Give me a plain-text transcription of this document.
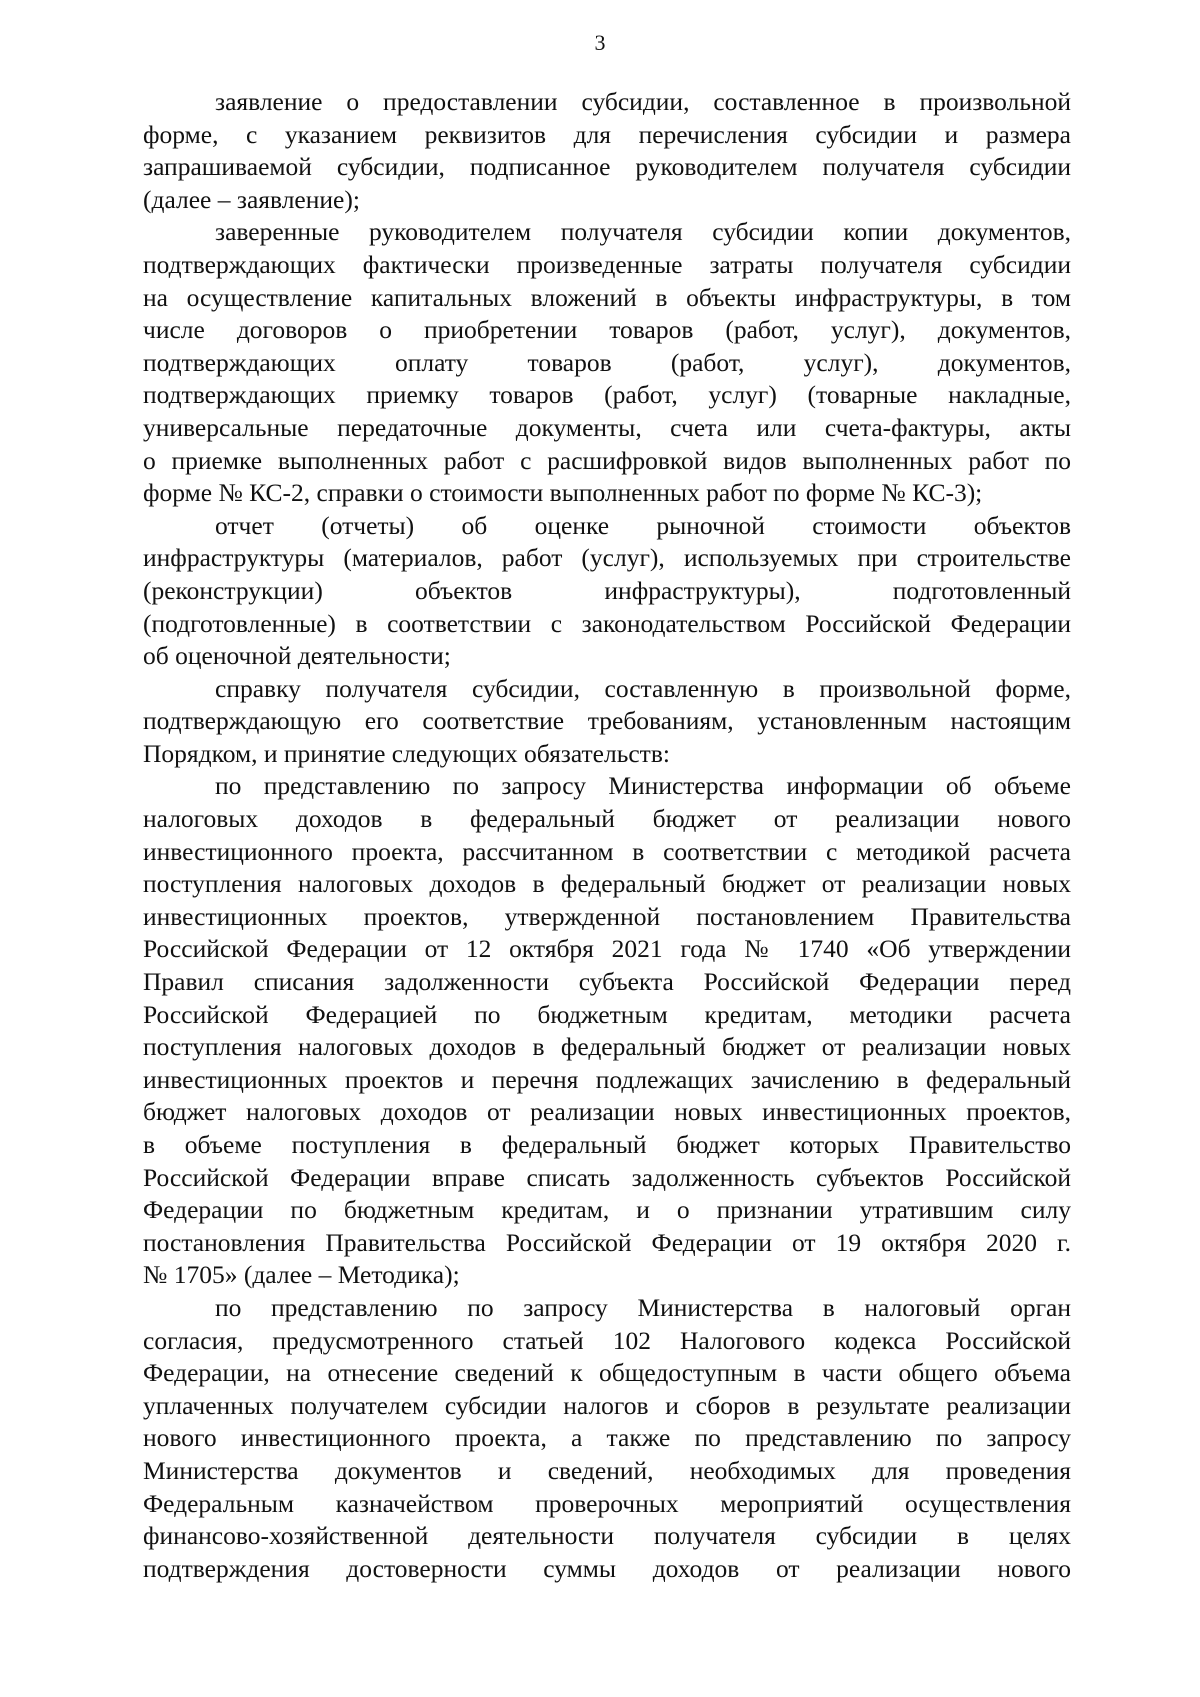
3
заявление о предоставлении субсидии, составленное в произвольной
форме, с указанием реквизитов для перечисления субсидии и размера
запрашиваемой субсидии, подписанное руководителем получателя субсидии
(далее – заявление);
заверенные руководителем получателя субсидии копии документов,
подтверждающих фактически произведенные затраты получателя субсидии
на осуществление капитальных вложений в объекты инфраструктуры, в том
числе договоров о приобретении товаров (работ, услуг), документов,
подтверждающих оплату товаров (работ, услуг), документов,
подтверждающих приемку товаров (работ, услуг) (товарные накладные,
универсальные передаточные документы, счета или счета-фактуры, акты
о приемке выполненных работ с расшифровкой видов выполненных работ по
форме № КС-2, справки о стоимости выполненных работ по форме № КС-3);
отчет (отчеты) об оценке рыночной стоимости объектов
инфраструктуры (материалов, работ (услуг), используемых при строительстве
(реконструкции) объектов инфраструктуры), подготовленный
(подготовленные) в соответствии с законодательством Российской Федерации
об оценочной деятельности;
справку получателя субсидии, составленную в произвольной форме,
подтверждающую его соответствие требованиям, установленным настоящим
Порядком, и принятие следующих обязательств:
по представлению по запросу Министерства информации об объеме
налоговых доходов в федеральный бюджет от реализации нового
инвестиционного проекта, рассчитанном в соответствии с методикой расчета
поступления налоговых доходов в федеральный бюджет от реализации новых
инвестиционных проектов, утвержденной постановлением Правительства
Российской Федерации от 12 октября 2021 года № 1740 «Об утверждении
Правил списания задолженности субъекта Российской Федерации перед
Российской Федерацией по бюджетным кредитам, методики расчета
поступления налоговых доходов в федеральный бюджет от реализации новых
инвестиционных проектов и перечня подлежащих зачислению в федеральный
бюджет налоговых доходов от реализации новых инвестиционных проектов,
в объеме поступления в федеральный бюджет которых Правительство
Российской Федерации вправе списать задолженность субъектов Российской
Федерации по бюджетным кредитам, и о признании утратившим силу
постановления Правительства Российской Федерации от 19 октября 2020 г.
№ 1705» (далее – Методика);
по представлению по запросу Министерства в налоговый орган
согласия, предусмотренного статьей 102 Налогового кодекса Российской
Федерации, на отнесение сведений к общедоступным в части общего объема
уплаченных получателем субсидии налогов и сборов в результате реализации
нового инвестиционного проекта, а также по представлению по запросу
Министерства документов и сведений, необходимых для проведения
Федеральным казначейством проверочных мероприятий осуществления
финансово-хозяйственной деятельности получателя субсидии в целях
подтверждения достоверности суммы доходов от реализации нового
